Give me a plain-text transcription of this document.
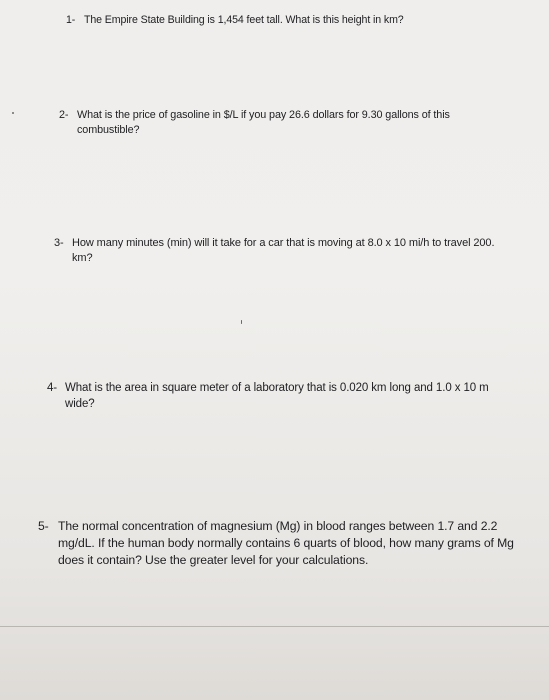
1- The Empire State Building is 1,454 feet tall. What is this height in km?
2- What is the price of gasoline in $/L if you pay 26.6 dollars for 9.30 gallons of this combustible?
3- How many minutes (min) will it take for a car that is moving at 8.0 x 10 mi/h to travel 200. km?
4- What is the area in square meter of a laboratory that is 0.020 km long and 1.0 x 10 m wide?
5- The normal concentration of magnesium (Mg) in blood ranges between 1.7 and 2.2 mg/dL. If the human body normally contains 6 quarts of blood, how many grams of Mg does it contain? Use the greater level for your calculations.
